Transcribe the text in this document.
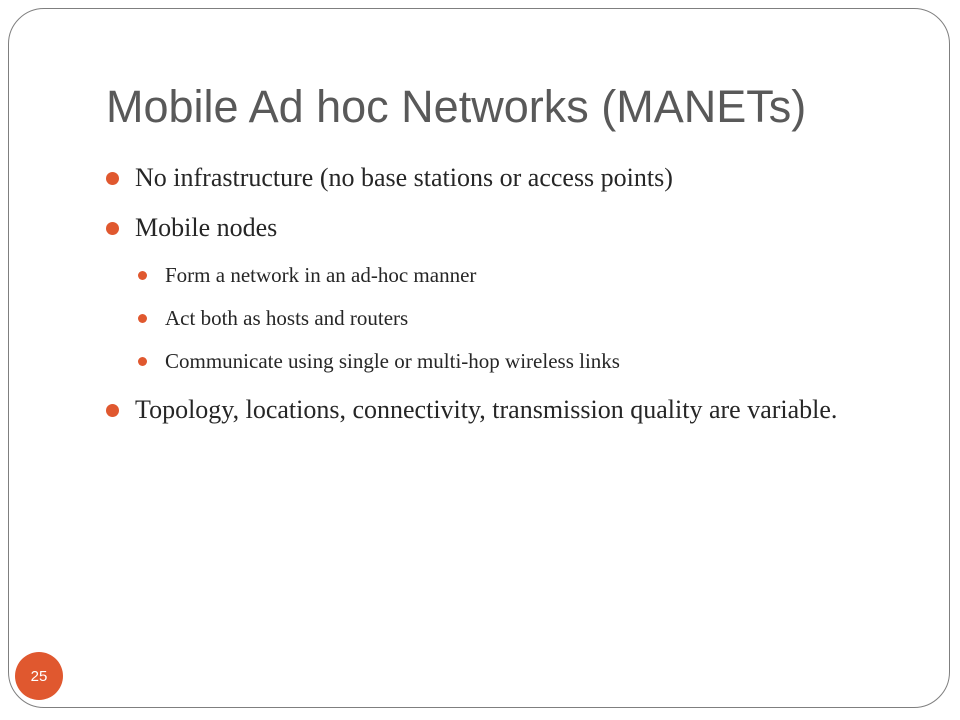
Mobile Ad hoc Networks (MANETs)
No infrastructure (no base stations or access points)
Mobile nodes
Form a network in an ad-hoc manner
Act both as hosts and routers
Communicate using single or multi-hop wireless links
Topology, locations, connectivity, transmission quality are variable.
25
